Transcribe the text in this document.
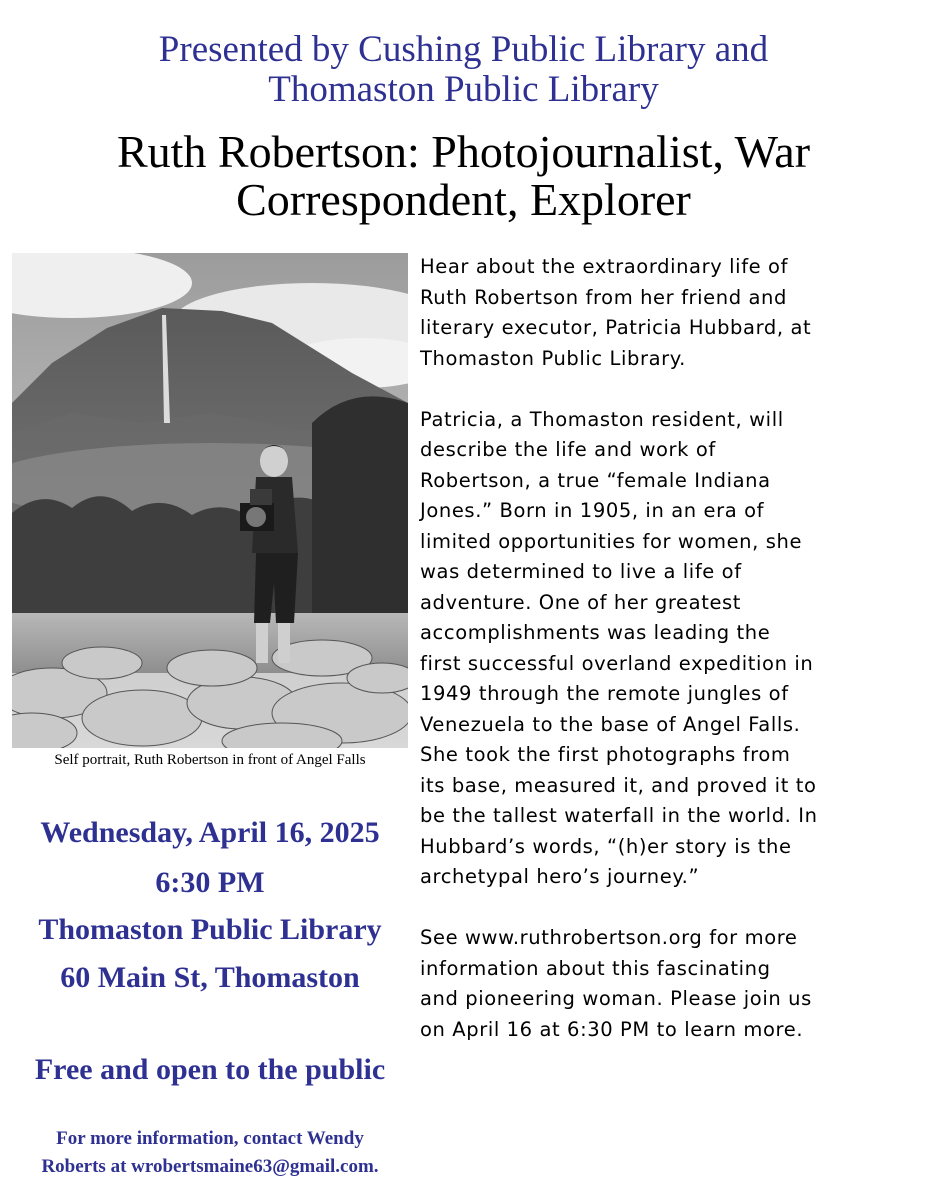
Presented by Cushing Public Library and
Thomaston Public Library
Ruth Robertson: Photojournalist, War
Correspondent, Explorer
Self portrait, Ruth Robertson in front of Angel Falls
Wednesday, April 16, 2025
6:30 PM
Thomaston Public Library
60 Main St, Thomaston
Free and open to the public
For more information, contact Wendy
Roberts at wrobertsmaine63@gmail.com.
Hear about the extraordinary life of
Ruth Robertson from her friend and
literary executor, Patricia Hubbard, at
Thomaston Public Library.
Patricia, a Thomaston resident, will
describe the life and work of
Robertson, a true “female Indiana
Jones.” Born in 1905, in an era of
limited opportunities for women, she
was determined to live a life of
adventure. One of her greatest
accomplishments was leading the
first successful overland expedition in
1949 through the remote jungles of
Venezuela to the base of Angel Falls.
She took the first photographs from
its base, measured it, and proved it to
be the tallest waterfall in the world. In
Hubbard’s words, “(h)er story is the
archetypal hero’s journey.”
See www.ruthrobertson.org for more
information about this fascinating
and pioneering woman. Please join us
on April 16 at 6:30 PM to learn more.
